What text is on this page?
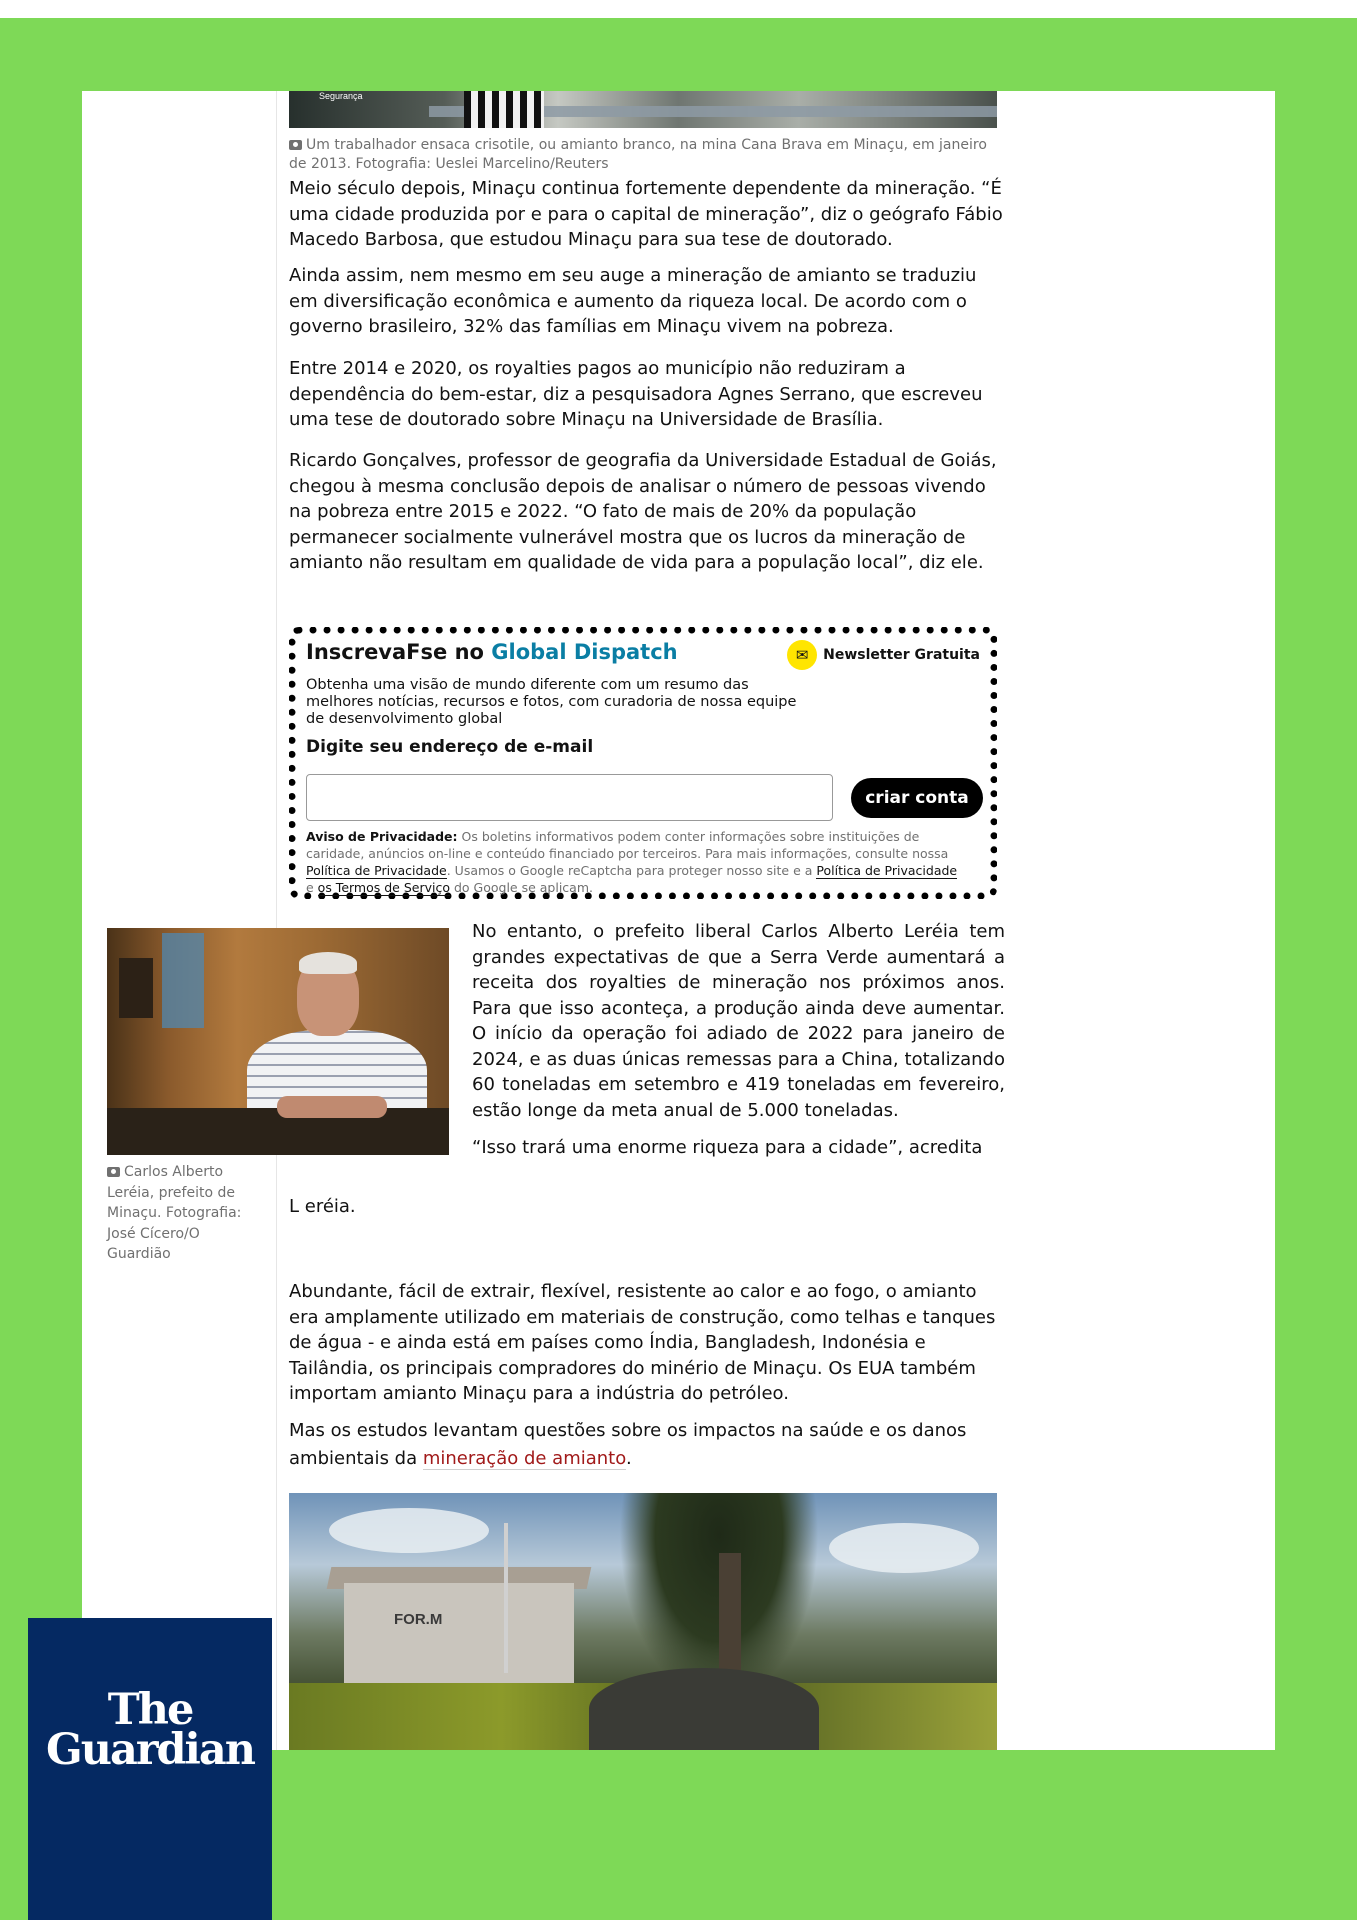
Segurança
Um trabalhador ensaca crisotile, ou amianto branco, na mina Cana Brava em Minaçu, em janeiro de 2013. Fotografia: Ueslei Marcelino/Reuters

Meio século depois, Minaçu continua fortemente dependente da mineração. “É uma cidade produzida por e para o capital de mineração”, diz o geógrafo Fábio Macedo Barbosa, que estudou Minaçu para sua tese de doutorado.

Ainda assim, nem mesmo em seu auge a mineração de amianto se traduziu em diversificação econômica e aumento da riqueza local. De acordo com o governo brasileiro, 32% das famílias em Minaçu vivem na pobreza.

Entre 2014 e 2020, os royalties pagos ao município não reduziram a dependência do bem-estar, diz a pesquisadora Agnes Serrano, que escreveu uma tese de doutorado sobre Minaçu na Universidade de Brasília.

Ricardo Gonçalves, professor de geografia da Universidade Estadual de Goiás, chegou à mesma conclusão depois de analisar o número de pessoas vivendo na pobreza entre 2015 e 2022. “O fato de mais de 20% da população permanecer socialmente vulnerável mostra que os lucros da mineração de amianto não resultam em qualidade de vida para a população local”, diz ele.

InscrevaFse no Global Dispatch	✉	Newsletter Gratuita
Obtenha uma visão de mundo diferente com um resumo das melhores notícias, recursos e fotos, com curadoria de nossa equipe de desenvolvimento global
Digite seu endereço de e-mail
criar conta
Aviso de Privacidade: Os boletins informativos podem conter informações sobre instituições de caridade, anúncios on-line e conteúdo financiado por terceiros. Para mais informações, consulte nossa Política de Privacidade. Usamos o Google reCaptcha para proteger nosso site e a Política de Privacidade e os Termos de Serviço do Google se aplicam.
Carlos Alberto Leréia, prefeito de Minaçu. Fotografia: José Cícero/O Guardião

No entanto, o prefeito liberal Carlos Alberto Leréia tem grandes expectativas de que a Serra Verde aumentará a receita dos royalties de mineração nos próximos anos. Para que isso aconteça, a produção ainda deve aumentar. O início da operação foi adiado de 2022 para janeiro de 2024, e as duas únicas remessas para a China, totalizando 60 toneladas em setembro e 419 toneladas em fevereiro, estão longe da meta anual de 5.000 toneladas.

“Isso trará uma enorme riqueza para a cidade”, acredita

L eréia.

Abundante, fácil de extrair, flexível, resistente ao calor e ao fogo, o amianto era amplamente utilizado em materiais de construção, como telhas e tanques de água - e ainda está em países como Índia, Bangladesh, Indonésia e Tailândia, os principais compradores do minério de Minaçu. Os EUA também importam amianto Minaçu para a indústria do petróleo.

Mas os estudos levantam questões sobre os impactos na saúde e os danos ambientais da mineração de amianto.

FOR.M
The
Guardian
